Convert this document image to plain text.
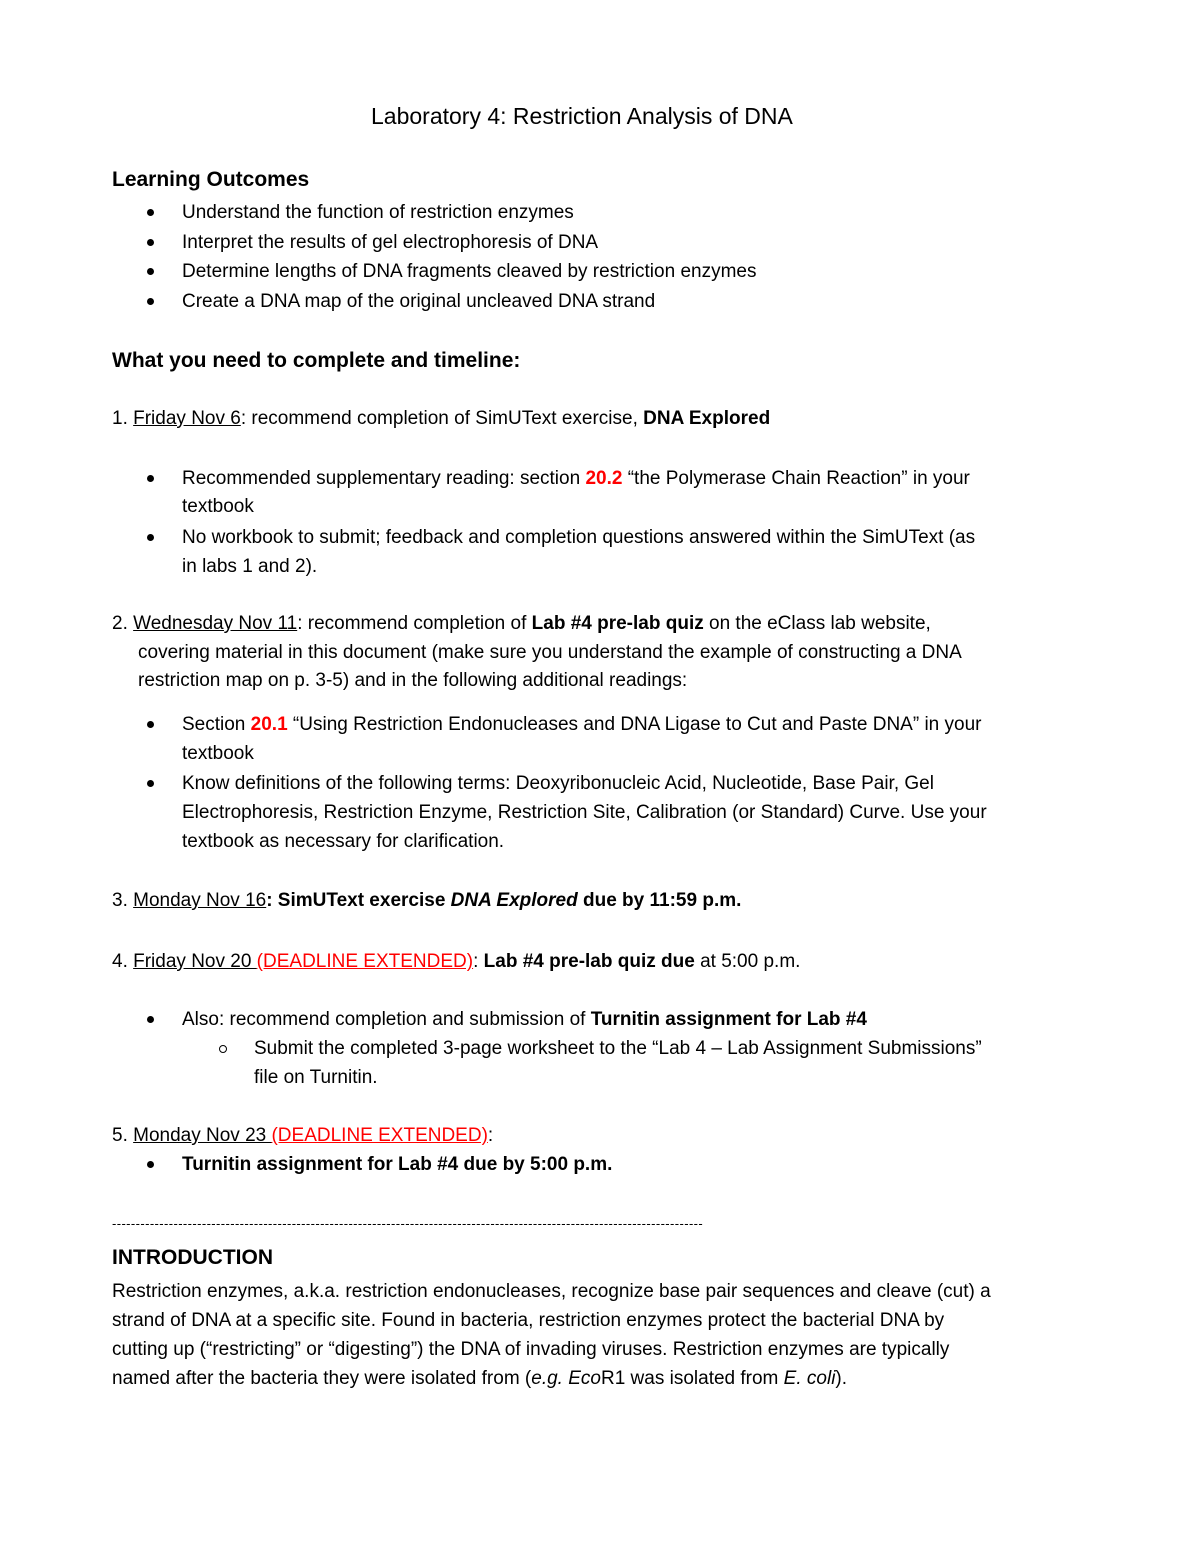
Laboratory 4: Restriction Analysis of DNA
Learning Outcomes
Understand the function of restriction enzymes
Interpret the results of gel electrophoresis of DNA
Determine lengths of DNA fragments cleaved by restriction enzymes
Create a DNA map of the original uncleaved DNA strand
What you need to complete and timeline:
1. Friday Nov 6: recommend completion of SimUText exercise, DNA Explored
Recommended supplementary reading: section 20.2 “the Polymerase Chain Reaction” in your
textbook
No workbook to submit; feedback and completion questions answered within the SimUText (as
in labs 1 and 2).
2. Wednesday Nov 11: recommend completion of Lab #4 pre-lab quiz on the eClass lab website,
covering material in this document (make sure you understand the example of constructing a DNA
restriction map on p. 3-5) and in the following additional readings:
Section 20.1 “Using Restriction Endonucleases and DNA Ligase to Cut and Paste DNA” in your
textbook
Know definitions of the following terms: Deoxyribonucleic Acid, Nucleotide, Base Pair, Gel
Electrophoresis, Restriction Enzyme, Restriction Site, Calibration (or Standard) Curve. Use your
textbook as necessary for clarification.
3. Monday Nov 16: SimUText exercise DNA Explored due by 11:59 p.m.
4. Friday Nov 20 (DEADLINE EXTENDED): Lab #4 pre-lab quiz due at 5:00 p.m.
Also: recommend completion and submission of Turnitin assignment for Lab #4
Submit the completed 3-page worksheet to the “Lab 4 – Lab Assignment Submissions”
file on Turnitin.
5. Monday Nov 23 (DEADLINE EXTENDED):
Turnitin assignment for Lab #4 due by 5:00 p.m.
-----------------------------------------------------------------------------------------------------------------------------
INTRODUCTION
Restriction enzymes, a.k.a. restriction endonucleases, recognize base pair sequences and cleave (cut) a
strand of DNA at a specific site. Found in bacteria, restriction enzymes protect the bacterial DNA by
cutting up (“restricting” or “digesting”) the DNA of invading viruses. Restriction enzymes are typically
named after the bacteria they were isolated from (e.g. EcoR1 was isolated from E. coli).
